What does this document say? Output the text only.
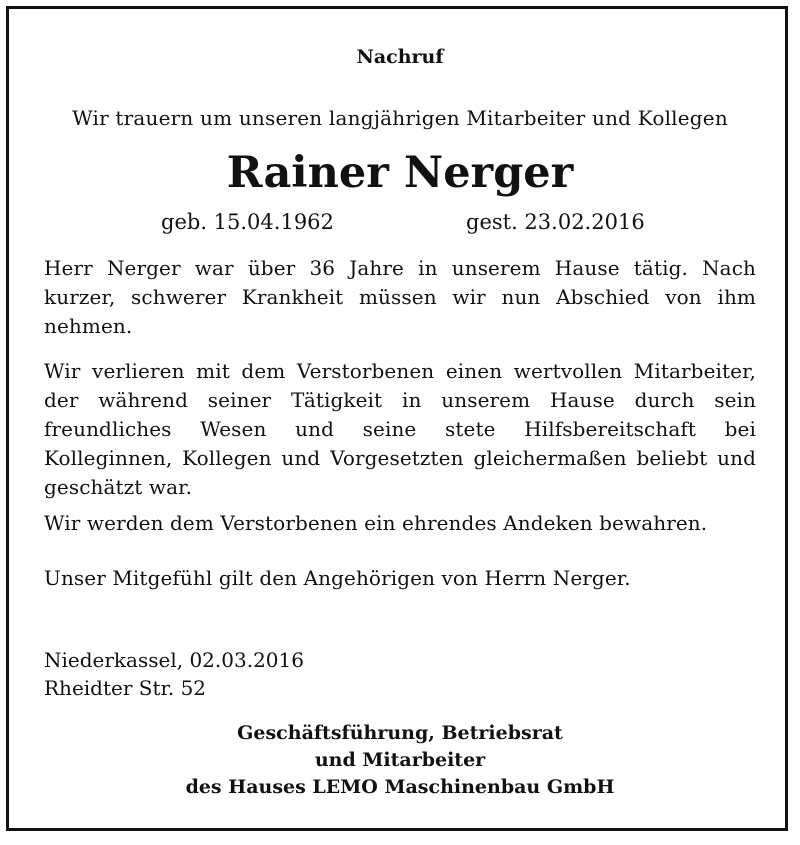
Nachruf
Wir trauern um unseren langjährigen Mitarbeiter und Kollegen
Rainer Nerger
geb. 15.04.1962	gest. 23.02.2016
Herr Nerger war über 36 Jahre in unserem Hause tätig. Nach kurzer, schwerer Krankheit müssen wir nun Abschied von ihm nehmen.
Wir verlieren mit dem Verstorbenen einen wertvollen Mitarbeiter, der während seiner Tätigkeit in unserem Hause durch sein freundliches Wesen und seine stete Hilfsbereitschaft bei Kolleginnen, Kollegen und Vorgesetzten gleichermaßen beliebt und geschätzt war.
Wir werden dem Verstorbenen ein ehrendes Andeken bewahren.
Unser Mitgefühl gilt den Angehörigen von Herrn Nerger.
Niederkassel, 02.03.2016
Rheidter Str. 52
Geschäftsführung, Betriebsrat
und Mitarbeiter
des Hauses LEMO Maschinenbau GmbH
